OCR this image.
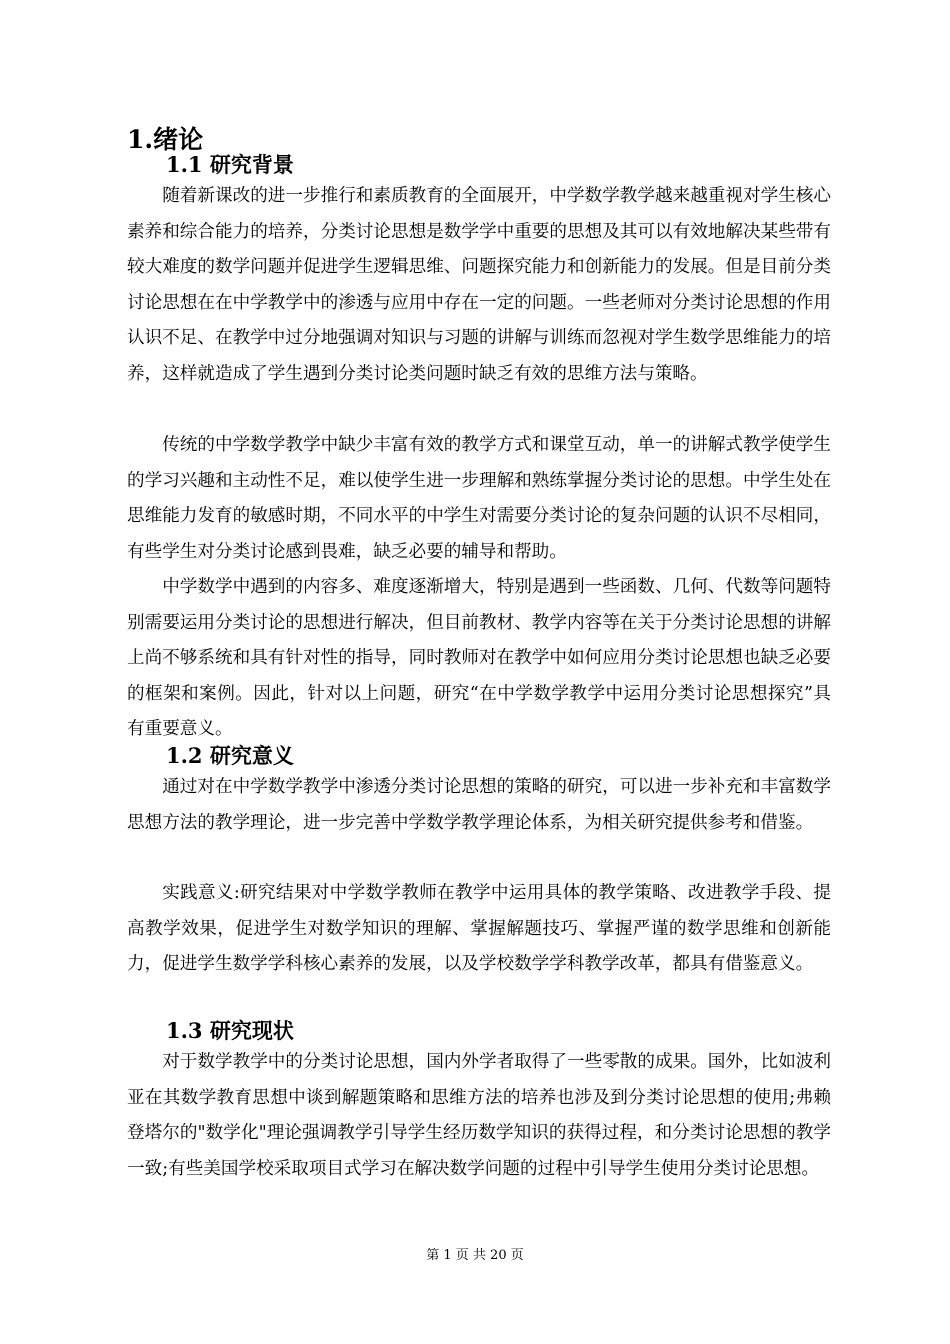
1.绪论
1.1 研究背景

随着新课改的进一步推行和素质教育的全面展开，中学数学教学越来越重视对学生核心素养和综合能力的培养，分类讨论思想是数学学中重要的思想及其可以有效地解决某些带有较大难度的数学问题并促进学生逻辑思维、问题探究能力和创新能力的发展。但是目前分类讨论思想在在中学教学中的渗透与应用中存在一定的问题。一些老师对分类讨论思想的作用认识不足、在教学中过分地强调对知识与习题的讲解与训练而忽视对学生数学思维能力的培养，这样就造成了学生遇到分类讨论类问题时缺乏有效的思维方法与策略。

传统的中学数学教学中缺少丰富有效的教学方式和课堂互动，单一的讲解式教学使学生的学习兴趣和主动性不足，难以使学生进一步理解和熟练掌握分类讨论的思想。中学生处在思维能力发育的敏感时期，不同水平的中学生对需要分类讨论的复杂问题的认识不尽相同，有些学生对分类讨论感到畏难，缺乏必要的辅导和帮助。

中学数学中遇到的内容多、难度逐渐增大，特别是遇到一些函数、几何、代数等问题特别需要运用分类讨论的思想进行解决，但目前教材、教学内容等在关于分类讨论思想的讲解上尚不够系统和具有针对性的指导，同时教师对在教学中如何应用分类讨论思想也缺乏必要的框架和案例。因此，针对以上问题，研究“在中学数学教学中运用分类讨论思想探究”具有重要意义。

1.2 研究意义

通过对在中学数学教学中渗透分类讨论思想的策略的研究，可以进一步补充和丰富数学思想方法的教学理论，进一步完善中学数学教学理论体系，为相关研究提供参考和借鉴。

实践意义:研究结果对中学数学教师在教学中运用具体的教学策略、改进教学手段、提高教学效果，促进学生对数学知识的理解、掌握解题技巧、掌握严谨的数学思维和创新能力，促进学生数学学科核心素养的发展，以及学校数学学科教学改革，都具有借鉴意义。

1.3 研究现状

对于数学教学中的分类讨论思想，国内外学者取得了一些零散的成果。国外，比如波利亚在其数学教育思想中谈到解题策略和思维方法的培养也涉及到分类讨论思想的使用;弗赖登塔尔的"数学化"理论强调教学引导学生经历数学知识的获得过程，和分类讨论思想的教学一致;有些美国学校采取项目式学习在解决数学问题的过程中引导学生使用分类讨论思想。

第 1 页 共 20 页
